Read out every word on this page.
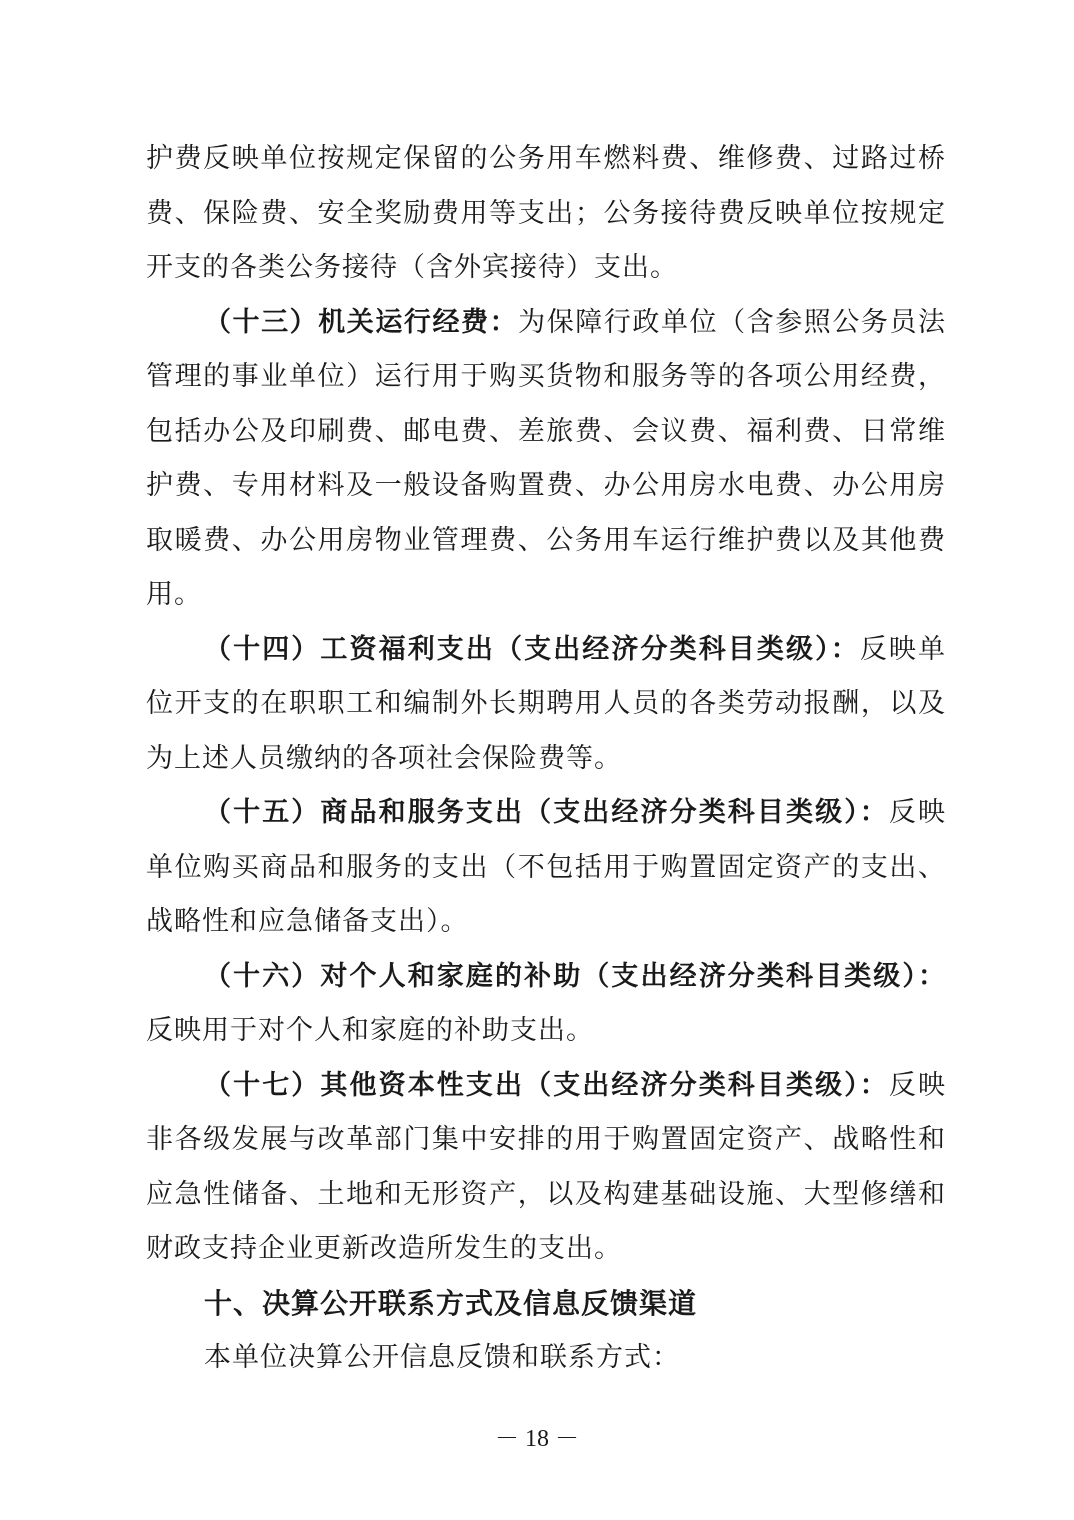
护费反映单位按规定保留的公务用车燃料费、维修费、过路过桥
费、保险费、安全奖励费用等支出；公务接待费反映单位按规定
开支的各类公务接待（含外宾接待）支出。
（十三）机关运行经费：为保障行政单位（含参照公务员法
管理的事业单位）运行用于购买货物和服务等的各项公用经费，
包括办公及印刷费、邮电费、差旅费、会议费、福利费、日常维
护费、专用材料及一般设备购置费、办公用房水电费、办公用房
取暖费、办公用房物业管理费、公务用车运行维护费以及其他费
用。
（十四）工资福利支出（支出经济分类科目类级）：反映单
位开支的在职职工和编制外长期聘用人员的各类劳动报酬，以及
为上述人员缴纳的各项社会保险费等。
（十五）商品和服务支出（支出经济分类科目类级）：反映
单位购买商品和服务的支出（不包括用于购置固定资产的支出、
战略性和应急储备支出）。
（十六）对个人和家庭的补助（支出经济分类科目类级）：
反映用于对个人和家庭的补助支出。
（十七）其他资本性支出（支出经济分类科目类级）：反映
非各级发展与改革部门集中安排的用于购置固定资产、战略性和
应急性储备、土地和无形资产，以及构建基础设施、大型修缮和
财政支持企业更新改造所发生的支出。
十、决算公开联系方式及信息反馈渠道
本单位决算公开信息反馈和联系方式：
－ 18 －
